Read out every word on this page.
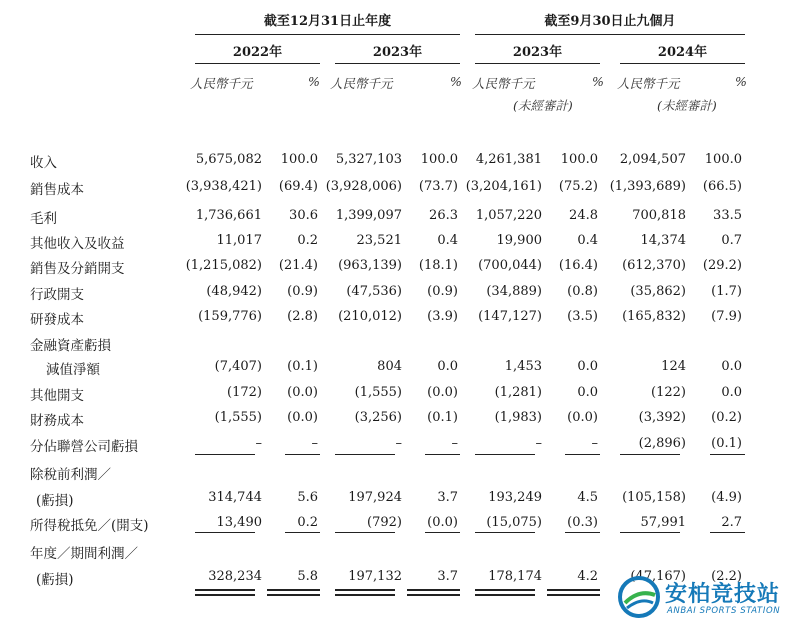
截至12月31日止年度	截至9月30日止九個月
2022年	2023年	2023年	2024年
人民幣千元	% 人民幣千元	% 人民幣千元	% 人民幣千元	%
(未經審計)	(未經審計)
收入	5,675,082	100.0	5,327,103	100.0	4,261,381	100.0	2,094,507	100.0
銷售成本	(3,938,421)	(69.4) (3,928,006)	(73.7) (3,204,161)	(75.2) (1,393,689)	(66.5)
毛利	1,736,661	30.6	1,399,097	26.3	1,057,220	24.8	700,818	33.5
其他收入及收益	11,017	0.2	23,521	0.4	19,900	0.4	14,374	0.7
銷售及分銷開支	(1,215,082)	(21.4)	(963,139)	(18.1)	(700,044)	(16.4)	(612,370)	(29.2)
行政開支	(48,942)	(0.9)	(47,536)	(0.9)	(34,889)	(0.8)	(35,862)	(1.7)
研發成本	(159,776)	(2.8)	(210,012)	(3.9)	(147,127)	(3.5)	(165,832)	(7.9)
金融資產虧損
減值淨額	(7,407)	(0.1)	804	0.0	1,453	0.0	124	0.0
其他開支	(172)	(0.0)	(1,555)	(0.0)	(1,281)	0.0	(122)	0.0
財務成本	(1,555)	(0.0)	(3,256)	(0.1)	(1,983)	(0.0)	(3,392)	(0.2)
分佔聯營公司虧損	–	–	–	–	–	–	(2,896)	(0.1)
除稅前利潤／
(虧損)	314,744	5.6	197,924	3.7	193,249	4.5	(105,158)	(4.9)
所得稅抵免／(開支)	13,490	0.2	(792)	(0.0)	(15,075)	(0.3)	57,991	2.7
年度／期間利潤／
(虧損)	328,234	5.8	197,132	3.7	178,174	4.2	(47,167)	(2.2)
安柏竞技站
ANBAI SPORTS STATION
